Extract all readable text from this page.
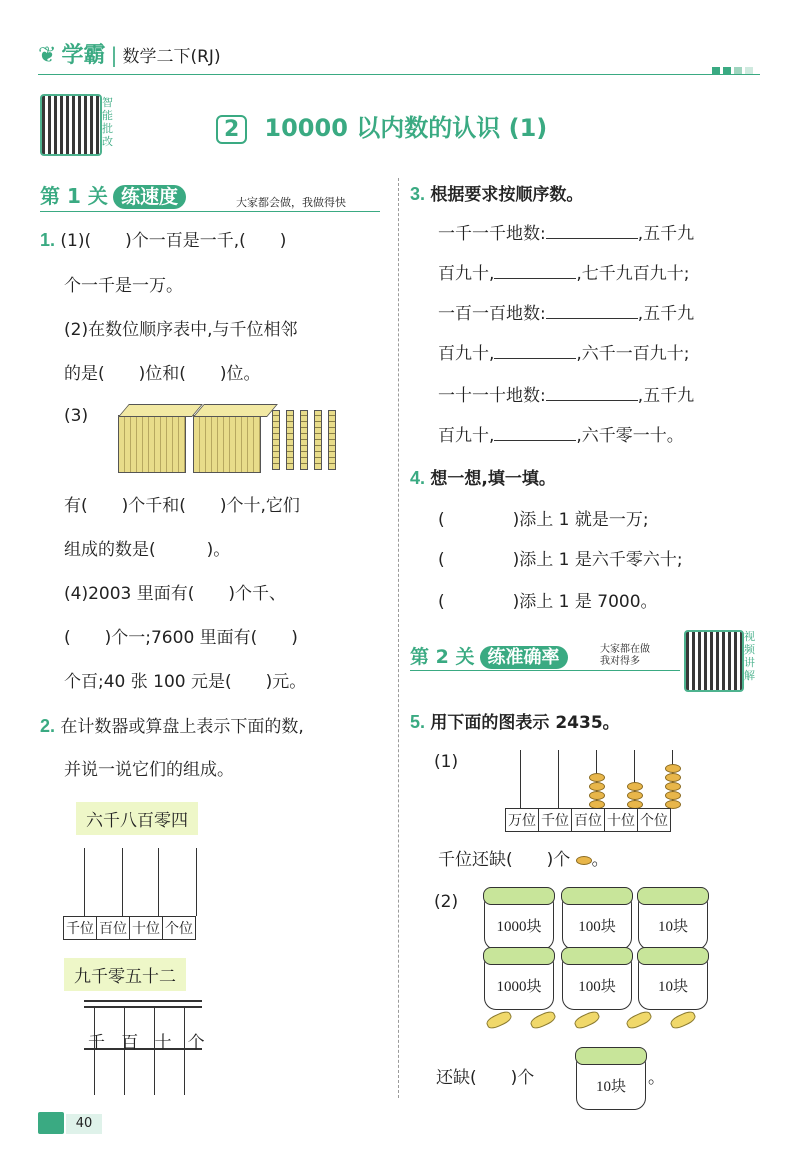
❦ 学霸 | 数学二下(RJ)
智能批改	2 10000 以内数的认识 (1)
第 1 关 练速度	大家都会做，我做得快
1. (1)(　　)个一百是一千,(　　)
个一千是一万。
(2)在数位顺序表中,与千位相邻
的是(　　)位和(　　)位。
(3)
有(　　)个千和(　　)个十,它们
组成的数是(　　　)。
(4)2003 里面有(　　)个千、
(　　)个一;7600 里面有(　　)
个百;40 张 100 元是(　　)元。
2. 在计数器或算盘上表示下面的数,
并说一说它们的组成。
六千八百零四
千位 百位 十位 个位
九千零五十二
千 百 十 个
3. 根据要求按顺序数。
一千一千地数:	,五千九
百九十,	,七千九百九十;
一百一百地数:	,五千九
百九十,	,六千一百九十;
一十一十地数:	,五千九
百九十,	,六千零一十。
4. 想一想,填一填。
(　　　　)添上 1 就是一万;
(　　　　)添上 1 是六千零六十;
(　　　　)添上 1 是 7000。
第 2 关 练准确率	大家都在做
我对得多
视频讲解
5. 用下面的图表示 2435。
(1)
万位 千位 百位 十位 个位
千位还缺(　　)个 。
(2)
1000块	100块	10块
1000块	100块	10块
还缺(　　)个	10块	。
40
